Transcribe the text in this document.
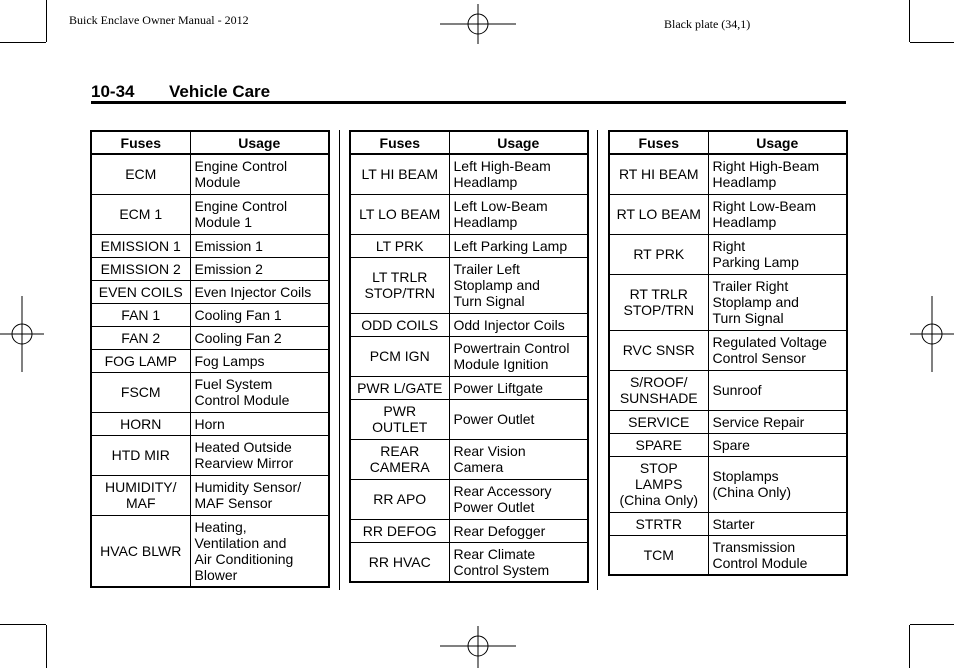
Buick Enclave Owner Manual - 2012	Black plate (34,1)
10-34 Vehicle Care
Fuses	Usage
ECM	Engine Control
Module
ECM 1	Engine Control
Module 1
EMISSION 1	Emission 1
EMISSION 2	Emission 2
EVEN COILS	Even Injector Coils
FAN 1	Cooling Fan 1
FAN 2	Cooling Fan 2
FOG LAMP	Fog Lamps
FSCM	Fuel System
Control Module
HORN	Horn
HTD MIR	Heated Outside
Rearview Mirror
HUMIDITY/
MAF	Humidity Sensor/
MAF Sensor
HVAC BLWR	Heating,
Ventilation and
Air Conditioning
Blower
Fuses	Usage
LT HI BEAM	Left High-Beam
Headlamp
LT LO BEAM	Left Low-Beam
Headlamp
LT PRK	Left Parking Lamp
LT TRLR
STOP/TRN	Trailer Left
Stoplamp and
Turn Signal
ODD COILS	Odd Injector Coils
PCM IGN	Powertrain Control
Module Ignition
PWR L/GATE	Power Liftgate
PWR
OUTLET	Power Outlet
REAR
CAMERA	Rear Vision
Camera
RR APO	Rear Accessory
Power Outlet
RR DEFOG	Rear Defogger
RR HVAC	Rear Climate
Control System
Fuses	Usage
RT HI BEAM	Right High-Beam
Headlamp
RT LO BEAM	Right Low-Beam
Headlamp
RT PRK	Right
Parking Lamp
RT TRLR
STOP/TRN	Trailer Right
Stoplamp and
Turn Signal
RVC SNSR	Regulated Voltage
Control Sensor
S/ROOF/
SUNSHADE	Sunroof
SERVICE	Service Repair
SPARE	Spare
STOP
LAMPS
(China Only)	Stoplamps
(China Only)
STRTR	Starter
TCM	Transmission
Control Module
